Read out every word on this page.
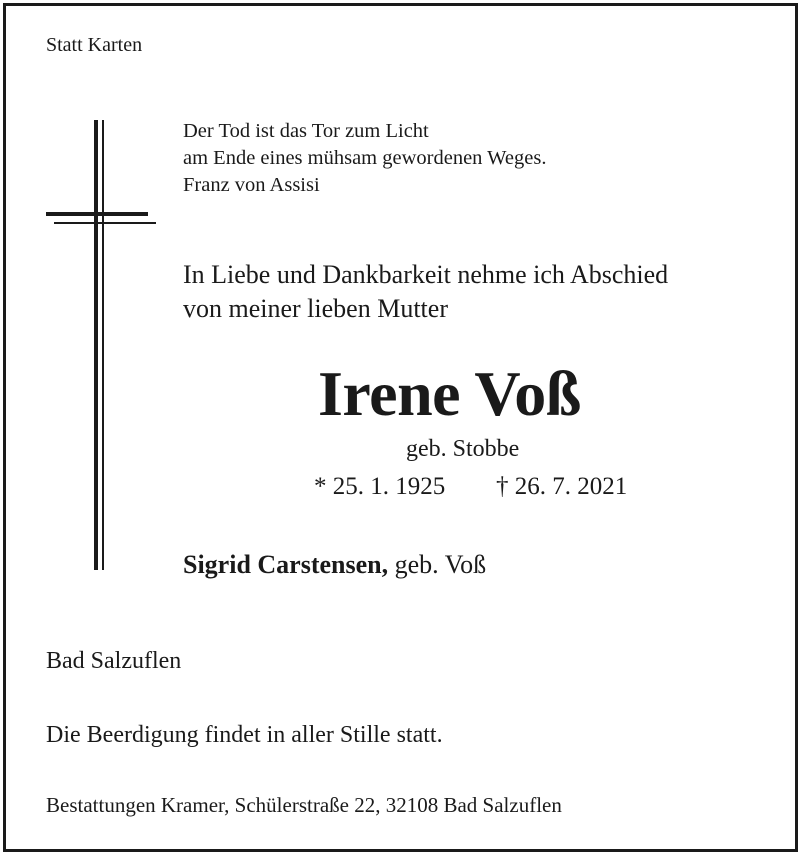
Statt Karten
Der Tod ist das Tor zum Licht
am Ende eines mühsam gewordenen Weges.
Franz von Assisi
In Liebe und Dankbarkeit nehme ich Abschied
von meiner lieben Mutter
Irene Voß
geb. Stobbe
* 25. 1. 1925 † 26. 7. 2021
Sigrid Carstensen, geb. Voß
Bad Salzuflen
Die Beerdigung findet in aller Stille statt.
Bestattungen Kramer, Schülerstraße 22, 32108 Bad Salzuflen
